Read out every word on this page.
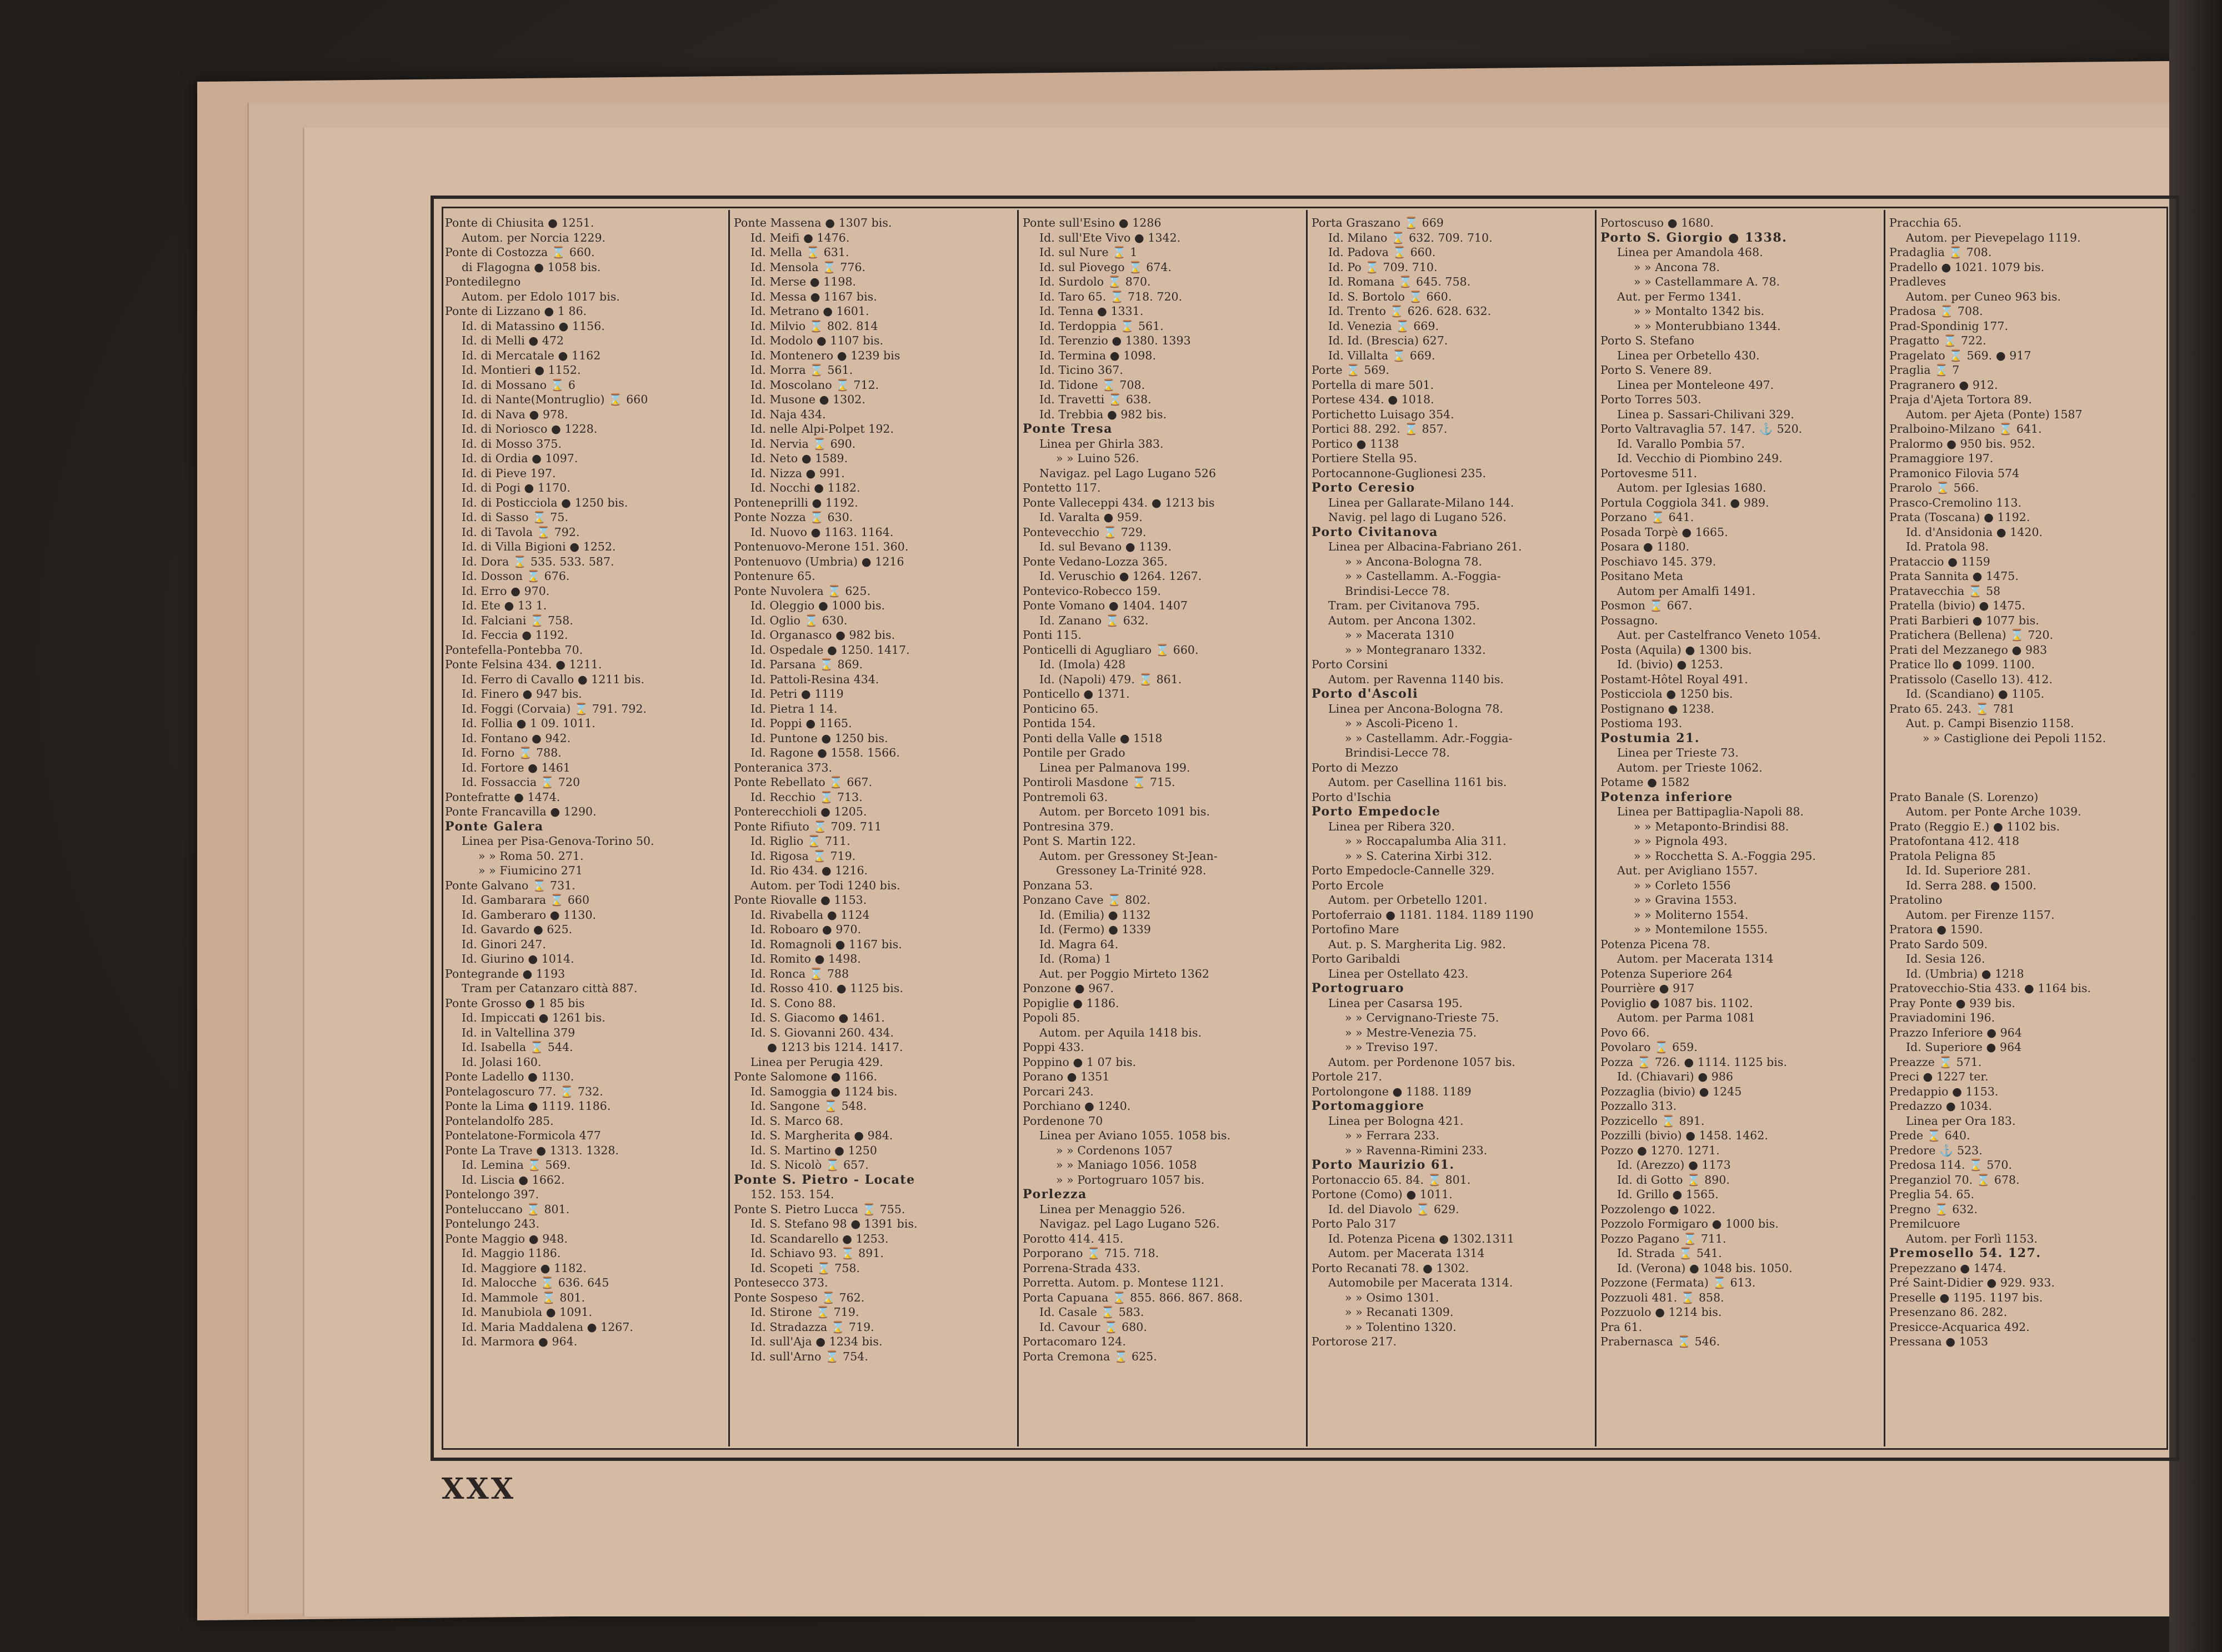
Ponte di Chiusita ● 1251.
Autom. per Norcia 1229.
Ponte di Costozza ⌛ 660.
di Flagogna ● 1058 bis.
Pontedilegno
Autom. per Edolo 1017 bis.
Ponte di Lizzano ● 1 86.
Id. di Matassino ● 1156.
Id. di Melli ● 472
Id. di Mercatale ● 1162
Id. Montieri ● 1152.
Id. di Mossano ⌛ 6
Id. di Nante(Montruglio) ⌛ 660
Id. di Nava ● 978.
Id. di Noriosco ● 1228.
Id. di Mosso 375.
Id. di Ordia ● 1097.
Id. di Pieve 197.
Id. di Pogi ● 1170.
Id. di Posticciola ● 1250 bis.
Id. di Sasso ⌛ 75.
Id. di Tavola ⌛ 792.
Id. di Villa Bigioni ● 1252.
Id. Dora ⌛ 535. 533. 587.
Id. Dosson ⌛ 676.
Id. Erro ● 970.
Id. Ete ● 13 1.
Id. Falciani ⌛ 758.
Id. Feccia ● 1192.
Pontefella-Pontebba 70.
Ponte Felsina 434. ● 1211.
Id. Ferro di Cavallo ● 1211 bis.
Id. Finero ● 947 bis.
Id. Foggi (Corvaia) ⌛ 791. 792.
Id. Follia ● 1 09. 1011.
Id. Fontano ● 942.
Id. Forno ⌛ 788.
Id. Fortore ● 1461
Id. Fossaccia ⌛ 720
Pontefratte ● 1474.
Ponte Francavilla ● 1290.
Ponte Galera
Linea per Pisa-Genova-Torino 50.
» » Roma 50. 271.
» » Fiumicino 271
Ponte Galvano ⌛ 731.
Id. Gambarara ⌛ 660
Id. Gamberaro ● 1130.
Id. Gavardo ● 625.
Id. Ginori 247.
Id. Giurino ● 1014.
Pontegrande ● 1193
Tram per Catanzaro città 887.
Ponte Grosso ● 1 85 bis
Id. Impiccati ● 1261 bis.
Id. in Valtellina 379
Id. Isabella ⌛ 544.
Id. Jolasi 160.
Ponte Ladello ● 1130.
Pontelagoscuro 77. ⌛ 732.
Ponte la Lima ● 1119. 1186.
Pontelandolfo 285.
Pontelatone-Formicola 477
Ponte La Trave ● 1313. 1328.
Id. Lemina ⌛ 569.
Id. Liscia ● 1662.
Pontelongo 397.
Ponteluccano ⌛ 801.
Pontelungo 243.
Ponte Maggio ● 948.
Id. Maggio 1186.
Id. Maggiore ● 1182.
Id. Malocche ⌛ 636. 645
Id. Mammole ⌛ 801.
Id. Manubiola ● 1091.
Id. Maria Maddalena ● 1267.
Id. Marmora ● 964.
Ponte Massena ● 1307 bis.
Id. Meifi ● 1476.
Id. Mella ⌛ 631.
Id. Mensola ⌛ 776.
Id. Merse ● 1198.
Id. Messa ● 1167 bis.
Id. Metrano ● 1601.
Id. Milvio ⌛ 802. 814
Id. Modolo ● 1107 bis.
Id. Montenero ● 1239 bis
Id. Morra ⌛ 561.
Id. Moscolano ⌛ 712.
Id. Musone ● 1302.
Id. Naja 434.
Id. nelle Alpi-Polpet 192.
Id. Nervia ⌛ 690.
Id. Neto ● 1589.
Id. Nizza ● 991.
Id. Nocchi ● 1182.
Ponteneprilli ● 1192.
Ponte Nozza ⌛ 630.
Id. Nuovo ● 1163. 1164.
Pontenuovo-Merone 151. 360.
Pontenuovo (Umbria) ● 1216
Pontenure 65.
Ponte Nuvolera ⌛ 625.
Id. Oleggio ● 1000 bis.
Id. Oglio ⌛ 630.
Id. Organasco ● 982 bis.
Id. Ospedale ● 1250. 1417.
Id. Parsana ⌛ 869.
Id. Pattoli-Resina 434.
Id. Petri ● 1119
Id. Pietra 1 14.
Id. Poppi ● 1165.
Id. Puntone ● 1250 bis.
Id. Ragone ● 1558. 1566.
Ponteranica 373.
Ponte Rebellato ⌛ 667.
Id. Recchio ⌛ 713.
Ponterecchioli ● 1205.
Ponte Rifiuto ⌛ 709. 711
Id. Riglio ⌛ 711.
Id. Rigosa ⌛ 719.
Id. Rio 434. ● 1216.
Autom. per Todi 1240 bis.
Ponte Riovalle ● 1153.
Id. Rivabella ● 1124
Id. Roboaro ● 970.
Id. Romagnoli ● 1167 bis.
Id. Romito ● 1498.
Id. Ronca ⌛ 788
Id. Rosso 410. ● 1125 bis.
Id. S. Cono 88.
Id. S. Giacomo ● 1461.
Id. S. Giovanni 260. 434.
● 1213 bis 1214. 1417.
Linea per Perugia 429.
Ponte Salomone ● 1166.
Id. Samoggia ● 1124 bis.
Id. Sangone ⌛ 548.
Id. S. Marco 68.
Id. S. Margherita ● 984.
Id. S. Martino ● 1250
Id. S. Nicolò ⌛ 657.
Ponte S. Pietro - Locate
152. 153. 154.
Ponte S. Pietro Lucca ⌛ 755.
Id. S. Stefano 98 ● 1391 bis.
Id. Scandarello ● 1253.
Id. Schiavo 93. ⌛ 891.
Id. Scopeti ⌛ 758.
Pontesecco 373.
Ponte Sospeso ⌛ 762.
Id. Stirone ⌛ 719.
Id. Stradazza ⌛ 719.
Id. sull'Aja ● 1234 bis.
Id. sull'Arno ⌛ 754.
Ponte sull'Esino ● 1286
Id. sull'Ete Vivo ● 1342.
Id. sul Nure ⌛ 1
Id. sul Piovego ⌛ 674.
Id. Surdolo ⌛ 870.
Id. Taro 65. ⌛ 718. 720.
Id. Tenna ● 1331.
Id. Terdoppia ⌛ 561.
Id. Terenzio ● 1380. 1393
Id. Termina ● 1098.
Id. Ticino 367.
Id. Tidone ⌛ 708.
Id. Travetti ⌛ 638.
Id. Trebbia ● 982 bis.
Ponte Tresa
Linea per Ghirla 383.
» » Luino 526.
Navigaz. pel Lago Lugano 526
Pontetto 117.
Ponte Valleceppi 434. ● 1213 bis
Id. Varalta ● 959.
Pontevecchio ⌛ 729.
Id. sul Bevano ● 1139.
Ponte Vedano-Lozza 365.
Id. Veruschio ● 1264. 1267.
Pontevico-Robecco 159.
Ponte Vomano ● 1404. 1407
Id. Zanano ⌛ 632.
Ponti 115.
Ponticelli di Agugliaro ⌛ 660.
Id. (Imola) 428
Id. (Napoli) 479. ⌛ 861.
Ponticello ● 1371.
Ponticino 65.
Pontida 154.
Ponti della Valle ● 1518
Pontile per Grado
Linea per Palmanova 199.
Pontiroli Masdone ⌛ 715.
Pontremoli 63.
Autom. per Borceto 1091 bis.
Pontresina 379.
Pont S. Martin 122.
Autom. per Gressoney St-Jean-
Gressoney La-Trinité 928.
Ponzana 53.
Ponzano Cave ⌛ 802.
Id. (Emilia) ● 1132
Id. (Fermo) ● 1339
Id. Magra 64.
Id. (Roma) 1
Aut. per Poggio Mirteto 1362
Ponzone ● 967.
Popiglie ● 1186.
Popoli 85.
Autom. per Aquila 1418 bis.
Poppi 433.
Poppino ● 1 07 bis.
Porano ● 1351
Porcari 243.
Porchiano ● 1240.
Pordenone 70
Linea per Aviano 1055. 1058 bis.
» » Cordenons 1057
» » Maniago 1056. 1058
» » Portogruaro 1057 bis.
Porlezza
Linea per Menaggio 526.
Navigaz. pel Lago Lugano 526.
Porotto 414. 415.
Porporano ⌛ 715. 718.
Porrena-Strada 433.
Porretta. Autom. p. Montese 1121.
Porta Capuana ⌛ 855. 866. 867. 868.
Id. Casale ⌛ 583.
Id. Cavour ⌛ 680.
Portacomaro 124.
Porta Cremona ⌛ 625.
Porta Graszano ⌛ 669
Id. Milano ⌛ 632. 709. 710.
Id. Padova ⌛ 660.
Id. Po ⌛ 709. 710.
Id. Romana ⌛ 645. 758.
Id. S. Bortolo ⌛ 660.
Id. Trento ⌛ 626. 628. 632.
Id. Venezia ⌛ 669.
Id. Id. (Brescia) 627.
Id. Villalta ⌛ 669.
Porte ⌛ 569.
Portella di mare 501.
Portese 434. ● 1018.
Portichetto Luisago 354.
Portici 88. 292. ⌛ 857.
Portico ● 1138
Portiere Stella 95.
Portocannone-Guglionesi 235.
Porto Ceresio
Linea per Gallarate-Milano 144.
Navig. pel lago di Lugano 526.
Porto Civitanova
Linea per Albacina-Fabriano 261.
» » Ancona-Bologna 78.
» » Castellamm. A.-Foggia-
Brindisi-Lecce 78.
Tram. per Civitanova 795.
Autom. per Ancona 1302.
» » Macerata 1310
» » Montegranaro 1332.
Porto Corsini
Autom. per Ravenna 1140 bis.
Porto d'Ascoli
Linea per Ancona-Bologna 78.
» » Ascoli-Piceno 1.
» » Castellamm. Adr.-Foggia-
Brindisi-Lecce 78.
Porto di Mezzo
Autom. per Casellina 1161 bis.
Porto d'Ischia
Porto Empedocle
Linea per Ribera 320.
» » Roccapalumba Alia 311.
» » S. Caterina Xirbi 312.
Porto Empedocle-Cannelle 329.
Porto Ercole
Autom. per Orbetello 1201.
Portoferraio ● 1181. 1184. 1189 1190
Portofino Mare
Aut. p. S. Margherita Lig. 982.
Porto Garibaldi
Linea per Ostellato 423.
Portogruaro
Linea per Casarsa 195.
» » Cervignano-Trieste 75.
» » Mestre-Venezia 75.
» » Treviso 197.
Autom. per Pordenone 1057 bis.
Portole 217.
Portolongone ● 1188. 1189
Portomaggiore
Linea per Bologna 421.
» » Ferrara 233.
» » Ravenna-Rimini 233.
Porto Maurizio 61.
Portonaccio 65. 84. ⌛ 801.
Portone (Como) ● 1011.
Id. del Diavolo ⌛ 629.
Porto Palo 317
Id. Potenza Picena ● 1302.1311
Autom. per Macerata 1314
Porto Recanati 78. ● 1302.
Automobile per Macerata 1314.
» » Osimo 1301.
» » Recanati 1309.
» » Tolentino 1320.
Portorose 217.
Portoscuso ● 1680.
Porto S. Giorgio ● 1338.
Linea per Amandola 468.
» » Ancona 78.
» » Castellammare A. 78.
Aut. per Fermo 1341.
» » Montalto 1342 bis.
» » Monterubbiano 1344.
Porto S. Stefano
Linea per Orbetello 430.
Porto S. Venere 89.
Linea per Monteleone 497.
Porto Torres 503.
Linea p. Sassari-Chilivani 329.
Porto Valtravaglia 57. 147. ⚓ 520.
Id. Varallo Pombia 57.
Id. Vecchio di Piombino 249.
Portovesme 511.
Autom. per Iglesias 1680.
Portula Coggiola 341. ● 989.
Porzano ⌛ 641.
Posada Torpè ● 1665.
Posara ● 1180.
Poschiavo 145. 379.
Positano Meta
Autom per Amalfi 1491.
Posmon ⌛ 667.
Possagno.
Aut. per Castelfranco Veneto 1054.
Posta (Aquila) ● 1300 bis.
Id. (bivio) ● 1253.
Postamt-Hôtel Royal 491.
Posticciola ● 1250 bis.
Postignano ● 1238.
Postioma 193.
Postumia 21.
Linea per Trieste 73.
Autom. per Trieste 1062.
Potame ● 1582
Potenza inferiore
Linea per Battipaglia-Napoli 88.
» » Metaponto-Brindisi 88.
» » Pignola 493.
» » Rocchetta S. A.-Foggia 295.
Aut. per Avigliano 1557.
» » Corleto 1556
» » Gravina 1553.
» » Moliterno 1554.
» » Montemilone 1555.
Potenza Picena 78.
Autom. per Macerata 1314
Potenza Superiore 264
Pourrière ● 917
Poviglio ● 1087 bis. 1102.
Autom. per Parma 1081
Povo 66.
Povolaro ⌛ 659.
Pozza ⌛ 726. ● 1114. 1125 bis.
Id. (Chiavari) ● 986
Pozzaglia (bivio) ● 1245
Pozzallo 313.
Pozzicello ⌛ 891.
Pozzilli (bivio) ● 1458. 1462.
Pozzo ● 1270. 1271.
Id. (Arezzo) ● 1173
Id. di Gotto ⌛ 890.
Id. Grillo ● 1565.
Pozzolengo ● 1022.
Pozzolo Formigaro ● 1000 bis.
Pozzo Pagano ⌛ 711.
Id. Strada ⌛ 541.
Id. (Verona) ● 1048 bis. 1050.
Pozzone (Fermata) ⌛ 613.
Pozzuoli 481. ⌛ 858.
Pozzuolo ● 1214 bis.
Pra 61.
Prabernasca ⌛ 546.
Pracchia 65.
Autom. per Pievepelago 1119.
Pradaglia ⌛ 708.
Pradello ● 1021. 1079 bis.
Pradleves
Autom. per Cuneo 963 bis.
Pradosa ⌛ 708.
Prad-Spondinig 177.
Pragatto ⌛ 722.
Pragelato ⌛ 569. ● 917
Praglia ⌛ 7
Pragranero ● 912.
Praja d'Ajeta Tortora 89.
Autom. per Ajeta (Ponte) 1587
Pralboino-Milzano ⌛ 641.
Pralormo ● 950 bis. 952.
Pramaggiore 197.
Pramonico Filovia 574
Prarolo ⌛ 566.
Prasco-Cremolino 113.
Prata (Toscana) ● 1192.
Id. d'Ansidonia ● 1420.
Id. Pratola 98.
Prataccio ● 1159
Prata Sannita ● 1475.
Pratavecchia ⌛ 58
Pratella (bivio) ● 1475.
Prati Barbieri ● 1077 bis.
Pratichera (Bellena) ⌛ 720.
Prati del Mezzanego ● 983
Pratice llo ● 1099. 1100.
Pratissolo (Casello 13). 412.
Id. (Scandiano) ● 1105.
Prato 65. 243. ⌛ 781
Aut. p. Campi Bisenzio 1158.
» » Castiglione dei Pepoli 1152.
Prato Banale (S. Lorenzo)
Autom. per Ponte Arche 1039.
Prato (Reggio E.) ● 1102 bis.
Pratofontana 412. 418
Pratola Peligna 85
Id. Id. Superiore 281.
Id. Serra 288. ● 1500.
Pratolino
Autom. per Firenze 1157.
Pratora ● 1590.
Prato Sardo 509.
Id. Sesia 126.
Id. (Umbria) ● 1218
Pratovecchio-Stia 433. ● 1164 bis.
Pray Ponte ● 939 bis.
Praviadomini 196.
Prazzo Inferiore ● 964
Id. Superiore ● 964
Preazze ⌛ 571.
Preci ● 1227 ter.
Predappio ● 1153.
Predazzo ● 1034.
Linea per Ora 183.
Prede ⌛ 640.
Predore ⚓ 523.
Predosa 114. ⌛ 570.
Preganziol 70. ⌛ 678.
Preglia 54. 65.
Pregno ⌛ 632.
Premilcuore
Autom. per Forlì 1153.
Premosello 54. 127.
Prepezzano ● 1474.
Pré Saint-Didier ● 929. 933.
Preselle ● 1195. 1197 bis.
Presenzano 86. 282.
Presicce-Acquarica 492.
Pressana ● 1053
XXX
